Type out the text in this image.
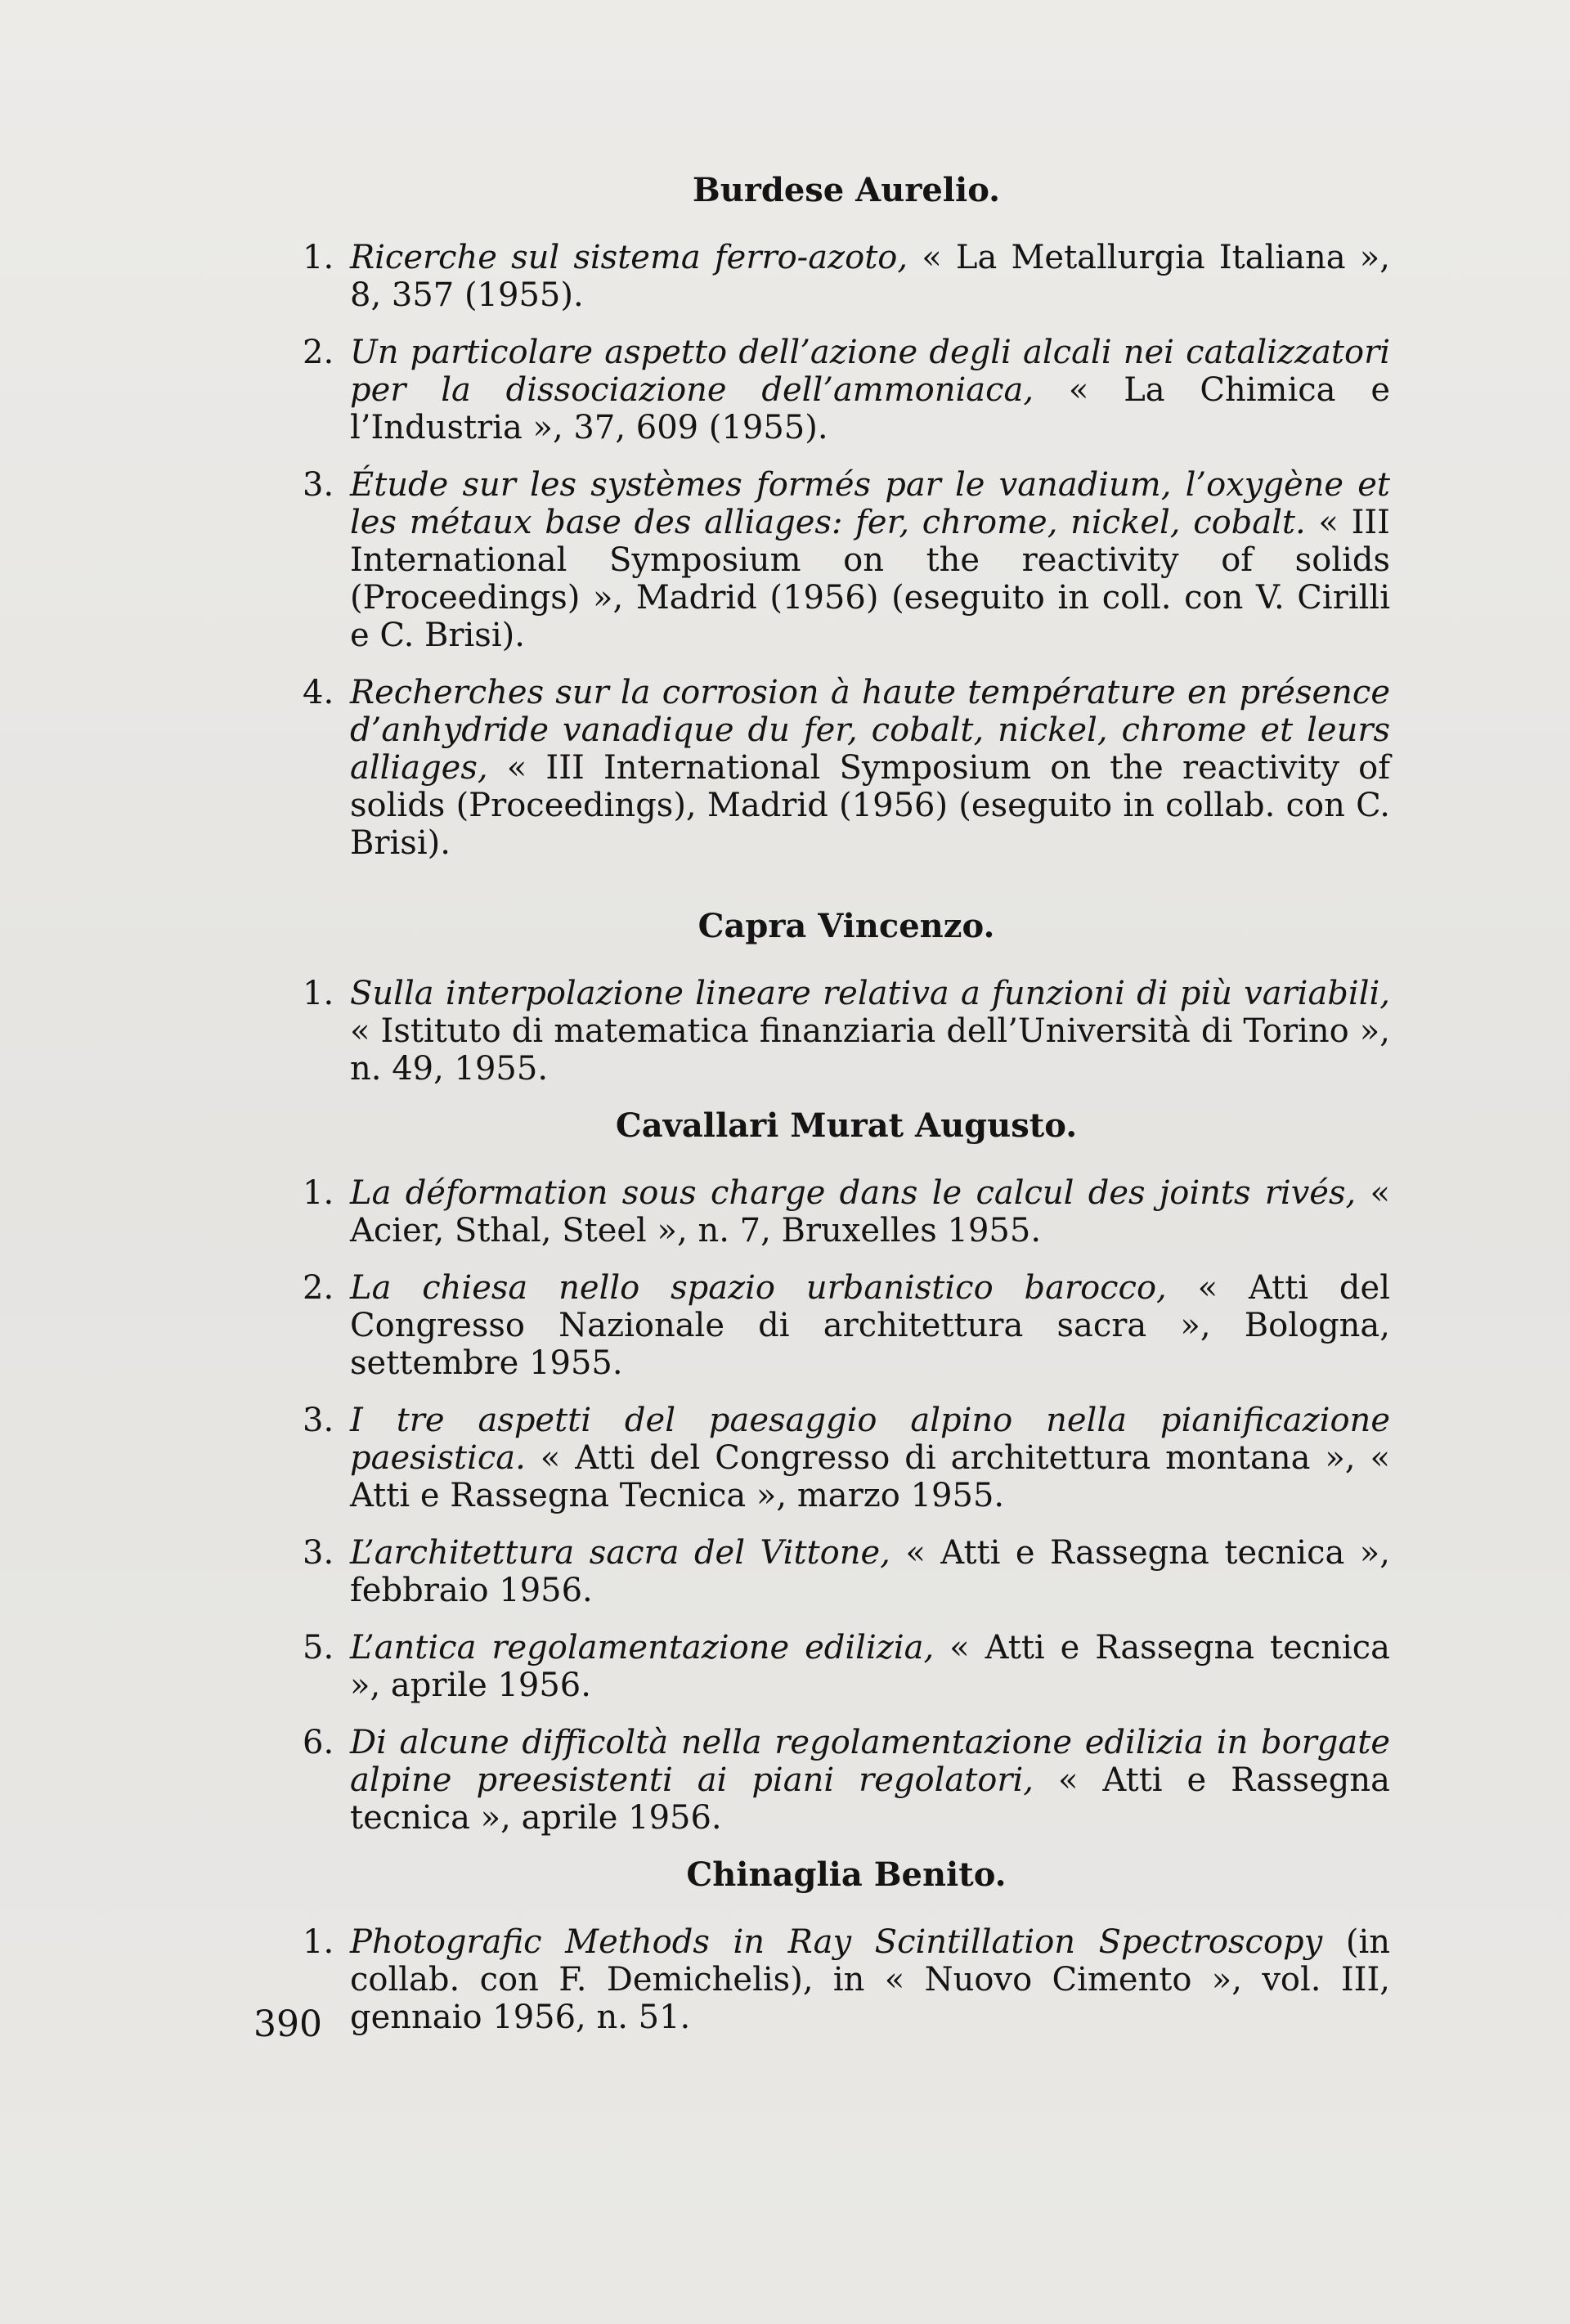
Burdese Aurelio.
1. Ricerche sul sistema ferro-azoto, « La Metallurgia Italiana », 8, 357 (1955).
2. Un particolare aspetto dell’azione degli alcali nei catalizzatori per la dissociazione dell’ammoniaca, « La Chimica e l’Industria », 37, 609 (1955).
3. Étude sur les systèmes formés par le vanadium, l’oxygène et les métaux base des alliages: fer, chrome, nickel, cobalt. « III International Symposium on the reactivity of solids (Proceedings) », Madrid (1956) (eseguito in coll. con V. Cirilli e C. Brisi).
4. Recherches sur la corrosion à haute température en présence d’anhydride vanadique du fer, cobalt, nickel, chrome et leurs alliages, « III International Symposium on the reactivity of solids (Proceedings), Madrid (1956) (eseguito in collab. con C. Brisi).
Capra Vincenzo.
1. Sulla interpolazione lineare relativa a funzioni di più variabili, « Istituto di matematica finanziaria dell’Università di Torino », n. 49, 1955.
Cavallari Murat Augusto.
1. La déformation sous charge dans le calcul des joints rivés, « Acier, Sthal, Steel », n. 7, Bruxelles 1955.
2. La chiesa nello spazio urbanistico barocco, « Atti del Congresso Nazionale di architettura sacra », Bologna, settembre 1955.
3. I tre aspetti del paesaggio alpino nella pianificazione paesistica. « Atti del Congresso di architettura montana », « Atti e Rassegna Tecnica », marzo 1955.
3. L’architettura sacra del Vittone, « Atti e Rassegna tecnica », febbraio 1956.
5. L’antica regolamentazione edilizia, « Atti e Rassegna tecnica », aprile 1956.
6. Di alcune difficoltà nella regolamentazione edilizia in borgate alpine preesistenti ai piani regolatori, « Atti e Rassegna tecnica », aprile 1956.
Chinaglia Benito.
1. Photografic Methods in Ray Scintillation Spectroscopy (in collab. con F. Demichelis), in « Nuovo Cimento », vol. III, gennaio 1956, n. 51.
390
